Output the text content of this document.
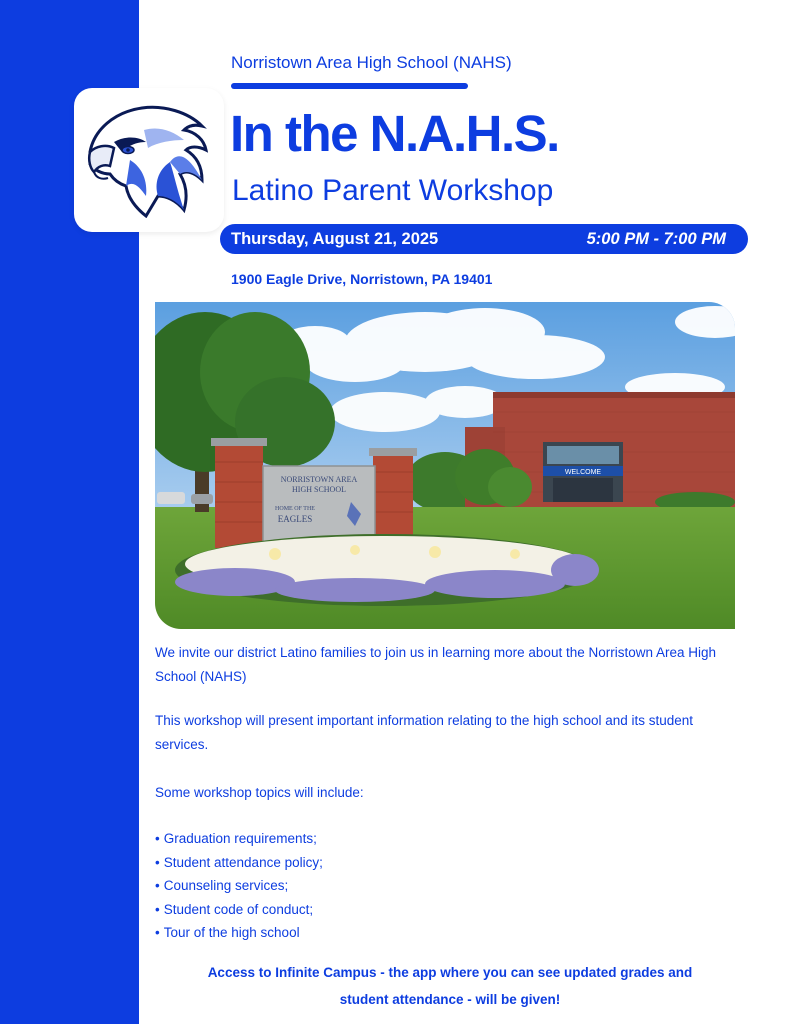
Norristown Area High School (NAHS)
In the N.A.H.S.
Latino Parent Workshop
Thursday, August 21, 2025	5:00 PM - 7:00 PM
1900 Eagle Drive, Norristown, PA 19401
WELCOME
NORRISTOWN AREA
HIGH SCHOOL
HOME OF THE
EAGLES
We invite our district Latino families to join us in learning more about the Norristown Area High School (NAHS)
This workshop will present important information relating to the high school and its student services.
Some workshop topics will include:
• Graduation requirements;
• Student attendance policy;
• Counseling services;
• Student code of conduct;
• Tour of the high school
Access to Infinite Campus - the app where you can see updated grades and
student attendance - will be given!
